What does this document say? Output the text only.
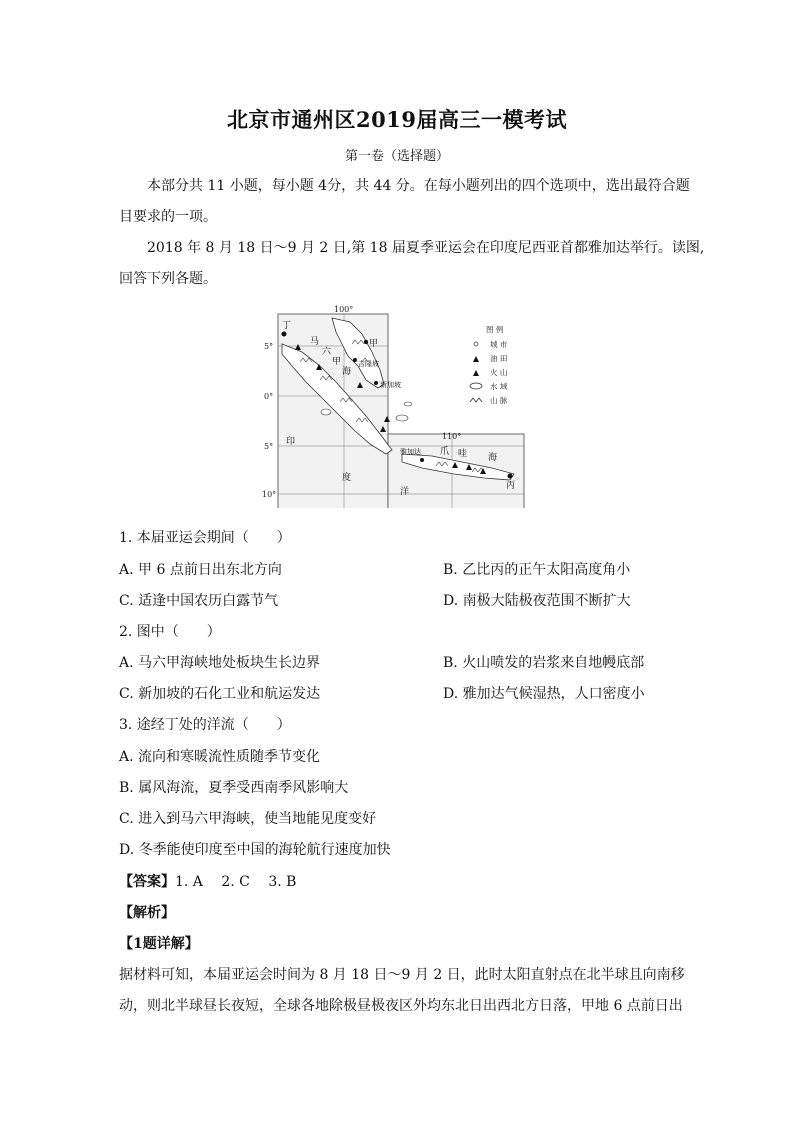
北京市通州区2019届高三一模考试
第一卷（选择题）
本部分共 11 小题，每小题 4分，共 44 分。在每小题列出的四个选项中，选出最符合题
目要求的一项。
2018 年 8 月 18 日～9 月 2 日,第 18 届夏季亚运会在印度尼西亚首都雅加达举行。读图,
回答下列各题。
100°
110°
5°
0°
5°
10°
丁
甲
马
六
甲
海
吉隆坡
新加坡
雅加达 爪 哇 海
丙
印
度
洋
图 例
城 市
油 田
火 山
水 域
山 脉
1. 本届亚运会期间（　　）
A. 甲 6 点前日出东北方向	B. 乙比丙的正午太阳高度角小
C. 适逢中国农历白露节气	D. 南极大陆极夜范围不断扩大
2. 图中（　　）
A. 马六甲海峡地处板块生长边界	B. 火山喷发的岩浆来自地幔底部
C. 新加坡的石化工业和航运发达	D. 雅加达气候湿热，人口密度小
3. 途经丁处的洋流（　　）
A. 流向和寒暖流性质随季节变化
B. 属风海流，夏季受西南季风影响大
C. 进入到马六甲海峡，使当地能见度变好
D. 冬季能使印度至中国的海轮航行速度加快
【答案】1. A　 2. C　 3. B
【解析】
【1题详解】
据材料可知，本届亚运会时间为 8 月 18 日～9 月 2 日，此时太阳直射点在北半球且向南移
动，则北半球昼长夜短，全球各地除极昼极夜区外均东北日出西北方日落，甲地 6 点前日出
